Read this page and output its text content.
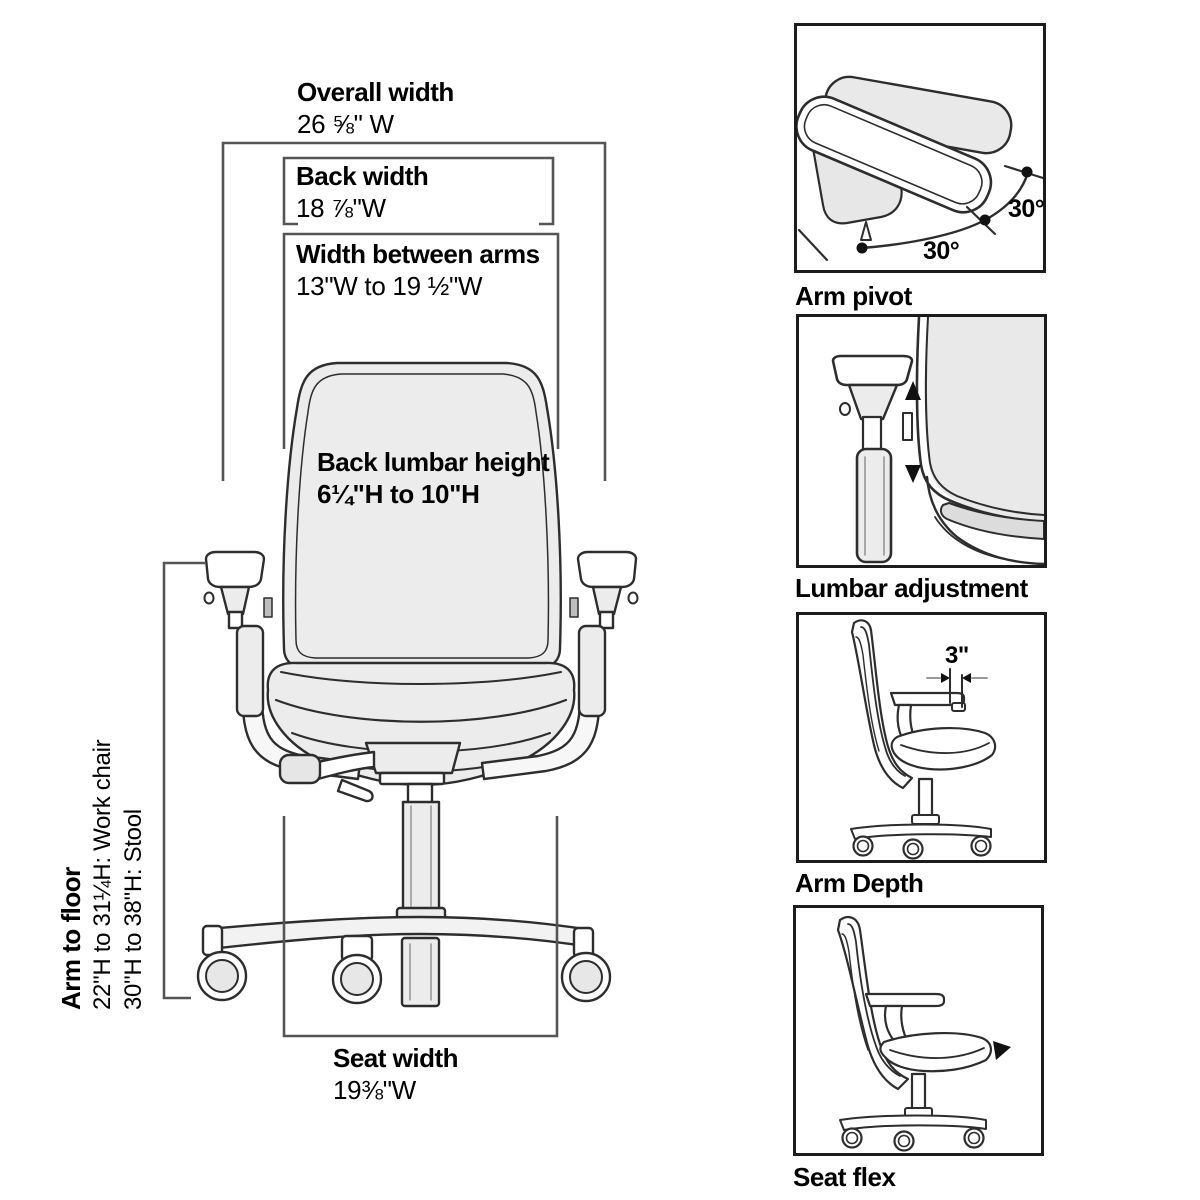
Overall width
26 ⅝" W
Back width
18 ⅞"W
Width between arms
13"W to 19 ½"W
Back lumbar height
6¼"H to 10"H
Arm to floor 22"H to 31¼H: Work chair 30"H to 38"H: Stool
Seat width
19⅜"W
30°
30°
Arm pivot
Lumbar adjustment
3"
Arm Depth
Seat flex
